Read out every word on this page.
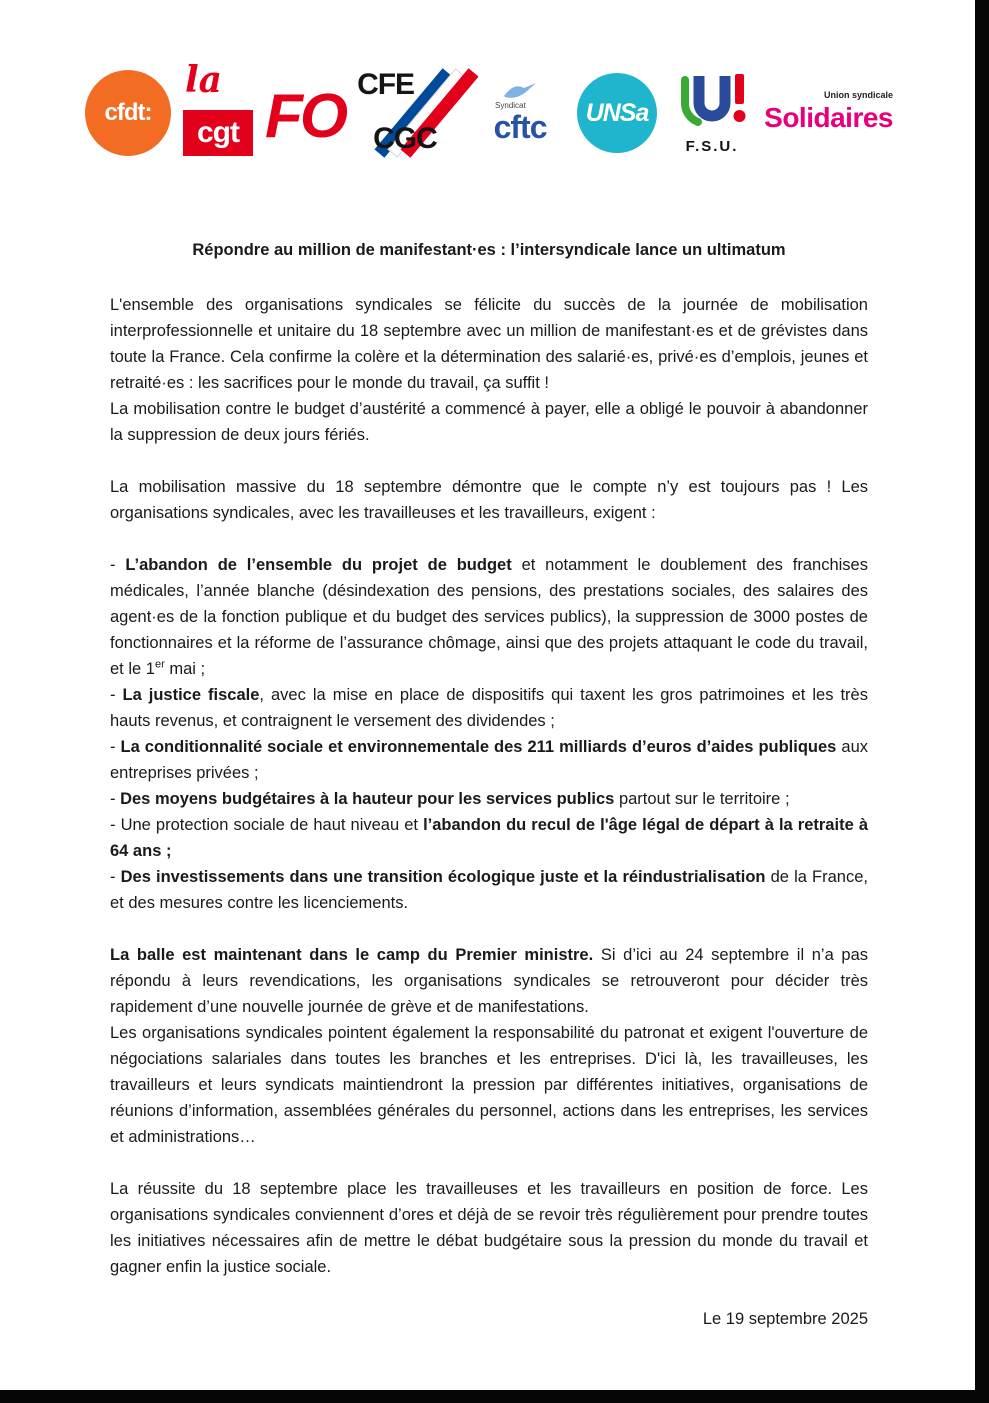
cfdt:
la
cgt FO CFE
CGC
Syndicat
cftc UNSa
F.S.U.
Union syndicale
Solidaires
Répondre au million de manifestant·es : l’intersyndicale lance un ultimatum

L'ensemble des organisations syndicales se félicite du succès de la journée de mobilisation interprofessionnelle et unitaire du 18 septembre avec un million de manifestant·es et de grévistes dans toute la France. Cela confirme la colère et la détermination des salarié·es, privé·es d’emplois, jeunes et retraité·es : les sacrifices pour le monde du travail, ça suffit !

La mobilisation contre le budget d’austérité a commencé à payer, elle a obligé le pouvoir à abandonner la suppression de deux jours fériés.

La mobilisation massive du 18 septembre démontre que le compte n’y est toujours pas ! Les organisations syndicales, avec les travailleuses et les travailleurs, exigent :

- L’abandon de l’ensemble du projet de budget et notamment le doublement des franchises médicales, l’année blanche (désindexation des pensions, des prestations sociales, des salaires des agent·es de la fonction publique et du budget des services publics), la suppression de 3000 postes de fonctionnaires et la réforme de l’assurance chômage, ainsi que des projets attaquant le code du travail, et le 1er mai ;

- La justice fiscale, avec la mise en place de dispositifs qui taxent les gros patrimoines et les très hauts revenus, et contraignent le versement des dividendes ;

- La conditionnalité sociale et environnementale des 211 milliards d’euros d’aides publiques aux entreprises privées ;

- Des moyens budgétaires à la hauteur pour les services publics partout sur le territoire ;

- Une protection sociale de haut niveau et l’abandon du recul de l'âge légal de départ à la retraite à 64 ans ;

- Des investissements dans une transition écologique juste et la réindustrialisation de la France, et des mesures contre les licenciements.

La balle est maintenant dans le camp du Premier ministre. Si d’ici au 24 septembre il n’a pas répondu à leurs revendications, les organisations syndicales se retrouveront pour décider très rapidement d’une nouvelle journée de grève et de manifestations.

Les organisations syndicales pointent également la responsabilité du patronat et exigent l'ouverture de négociations salariales dans toutes les branches et les entreprises. D'ici là, les travailleuses, les travailleurs et leurs syndicats maintiendront la pression par différentes initiatives, organisations de réunions d’information, assemblées générales du personnel, actions dans les entreprises, les services et administrations…

La réussite du 18 septembre place les travailleuses et les travailleurs en position de force. Les organisations syndicales conviennent d’ores et déjà de se revoir très régulièrement pour prendre toutes les initiatives nécessaires afin de mettre le débat budgétaire sous la pression du monde du travail et gagner enfin la justice sociale.

Le 19 septembre 2025
